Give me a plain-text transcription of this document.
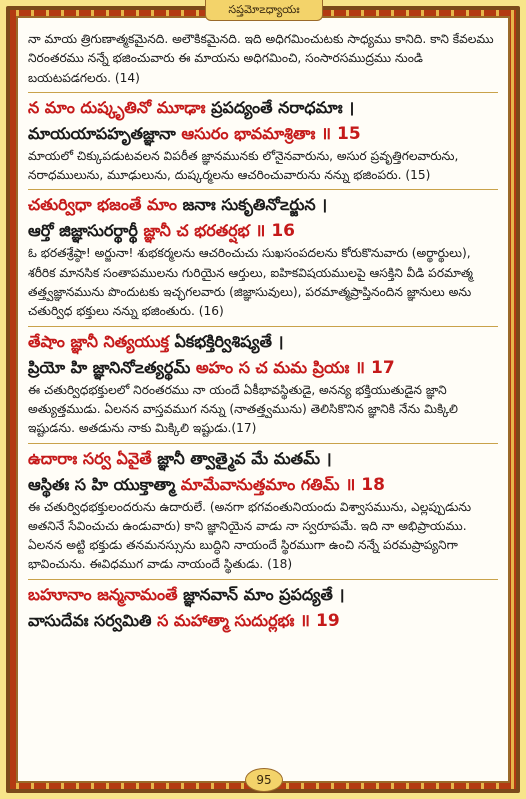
సప్తమో౽ధ్యాయః

నా మాయ త్రిగుణాత్మకమైనది. అలౌకికమైనది. ఇది అధిగమించుటకు సాధ్యము కానిది. కాని కేవలము నిరంతరము నన్నే భజించువారు ఈ మాయను అధిగమించి, సంసారసముద్రము నుండి బయటపడగలరు. (14)

న మాం దుష్కృతినో మూఢాః ప్రపద్యంతే నరాధమాః ।

మాయయాపహృతజ్ఞానా ఆసురం భావమాశ్రితాః ॥ 15

మాయలో చిక్కుపడుటవలన విపరీత జ్ఞానమునకు లోనైనవారును, అసుర ప్రవృత్తిగలవారును, నరాధములును, మూఢులును, దుష్కర్మలను ఆచరించువారును నన్ను భజింపరు. (15)

చతుర్విధా భజంతే మాం జనాః సుకృతినో౽ర్జున ।

ఆర్తో జిజ్ఞాసురర్థార్థీ జ్ఞానీ చ భరతర్షభ ॥ 16

ఓ భరతశ్రేష్ఠా! అర్జునా! శుభకర్మలను ఆచరించుచు సుఖసంపదలను కోరుకొనువారు (అర్థార్థులు), శరీరిక మానసిక సంతాపములను గురియైన ఆర్తులు, ఐహికవిషయములపై ఆసక్తిని వీడి పరమాత్మ తత్త్వజ్ఞానమును పొందుటకు ఇచ్ఛగలవారు (జిజ్ఞాసువులు), పరమాత్మప్రాప్తినందిన జ్ఞానులు అను చతుర్విధ భక్తులు నన్ను భజింతురు. (16)

తేషాం జ్ఞానీ నిత్యయుక్త ఏకభక్తిర్విశిష్యతే ।

ప్రియో హి జ్ఞానినో౽త్యర్థమ్ అహం స చ మమ ప్రియః ॥ 17

ఈ చతుర్విధభక్తులలో నిరంతరము నా యందే ఏకీభావస్థితుడై, అనన్య భక్తియుతుడైన జ్ఞాని అత్యుత్తముడు. ఏలనన వాస్తవముగ నన్ను (నాతత్త్వమును) తెలిసికొనిన జ్ఞానికి నేను మిక్కిలి ఇష్టుడను. అతడును నాకు మిక్కిలి ఇష్టుడు.(17)

ఉదారాః సర్వ ఏవైతే జ్ఞానీ త్వాత్మైవ మే మతమ్ ।

ఆస్థితః స హి యుక్తాత్మా మామేవానుత్తమాం గతిమ్ ॥ 18

ఈ చతుర్విధభక్తులందరును ఉదారులే. (అనగా భగవంతునియందు విశ్వాసమును, ఎల్లప్పుడును అతనినే సేవించుచు ఉండువారు) కాని జ్ఞానియైన వాడు నా స్వరూపమే. ఇది నా అభిప్రాయము. ఏలనన అట్టి భక్తుడు తనమనస్సును బుద్ధిని నాయందే స్థిరముగా ఉంచి నన్నే పరమప్రాప్యనిగా భావించును. ఈవిధముగ వాడు నాయందే స్థితుడు. (18)

బహూనాం జన్మనామంతే జ్ఞానవాన్ మాం ప్రపద్యతే ।

వాసుదేవః సర్వమితి స మహాత్మా సుదుర్లభః ॥ 19

95
